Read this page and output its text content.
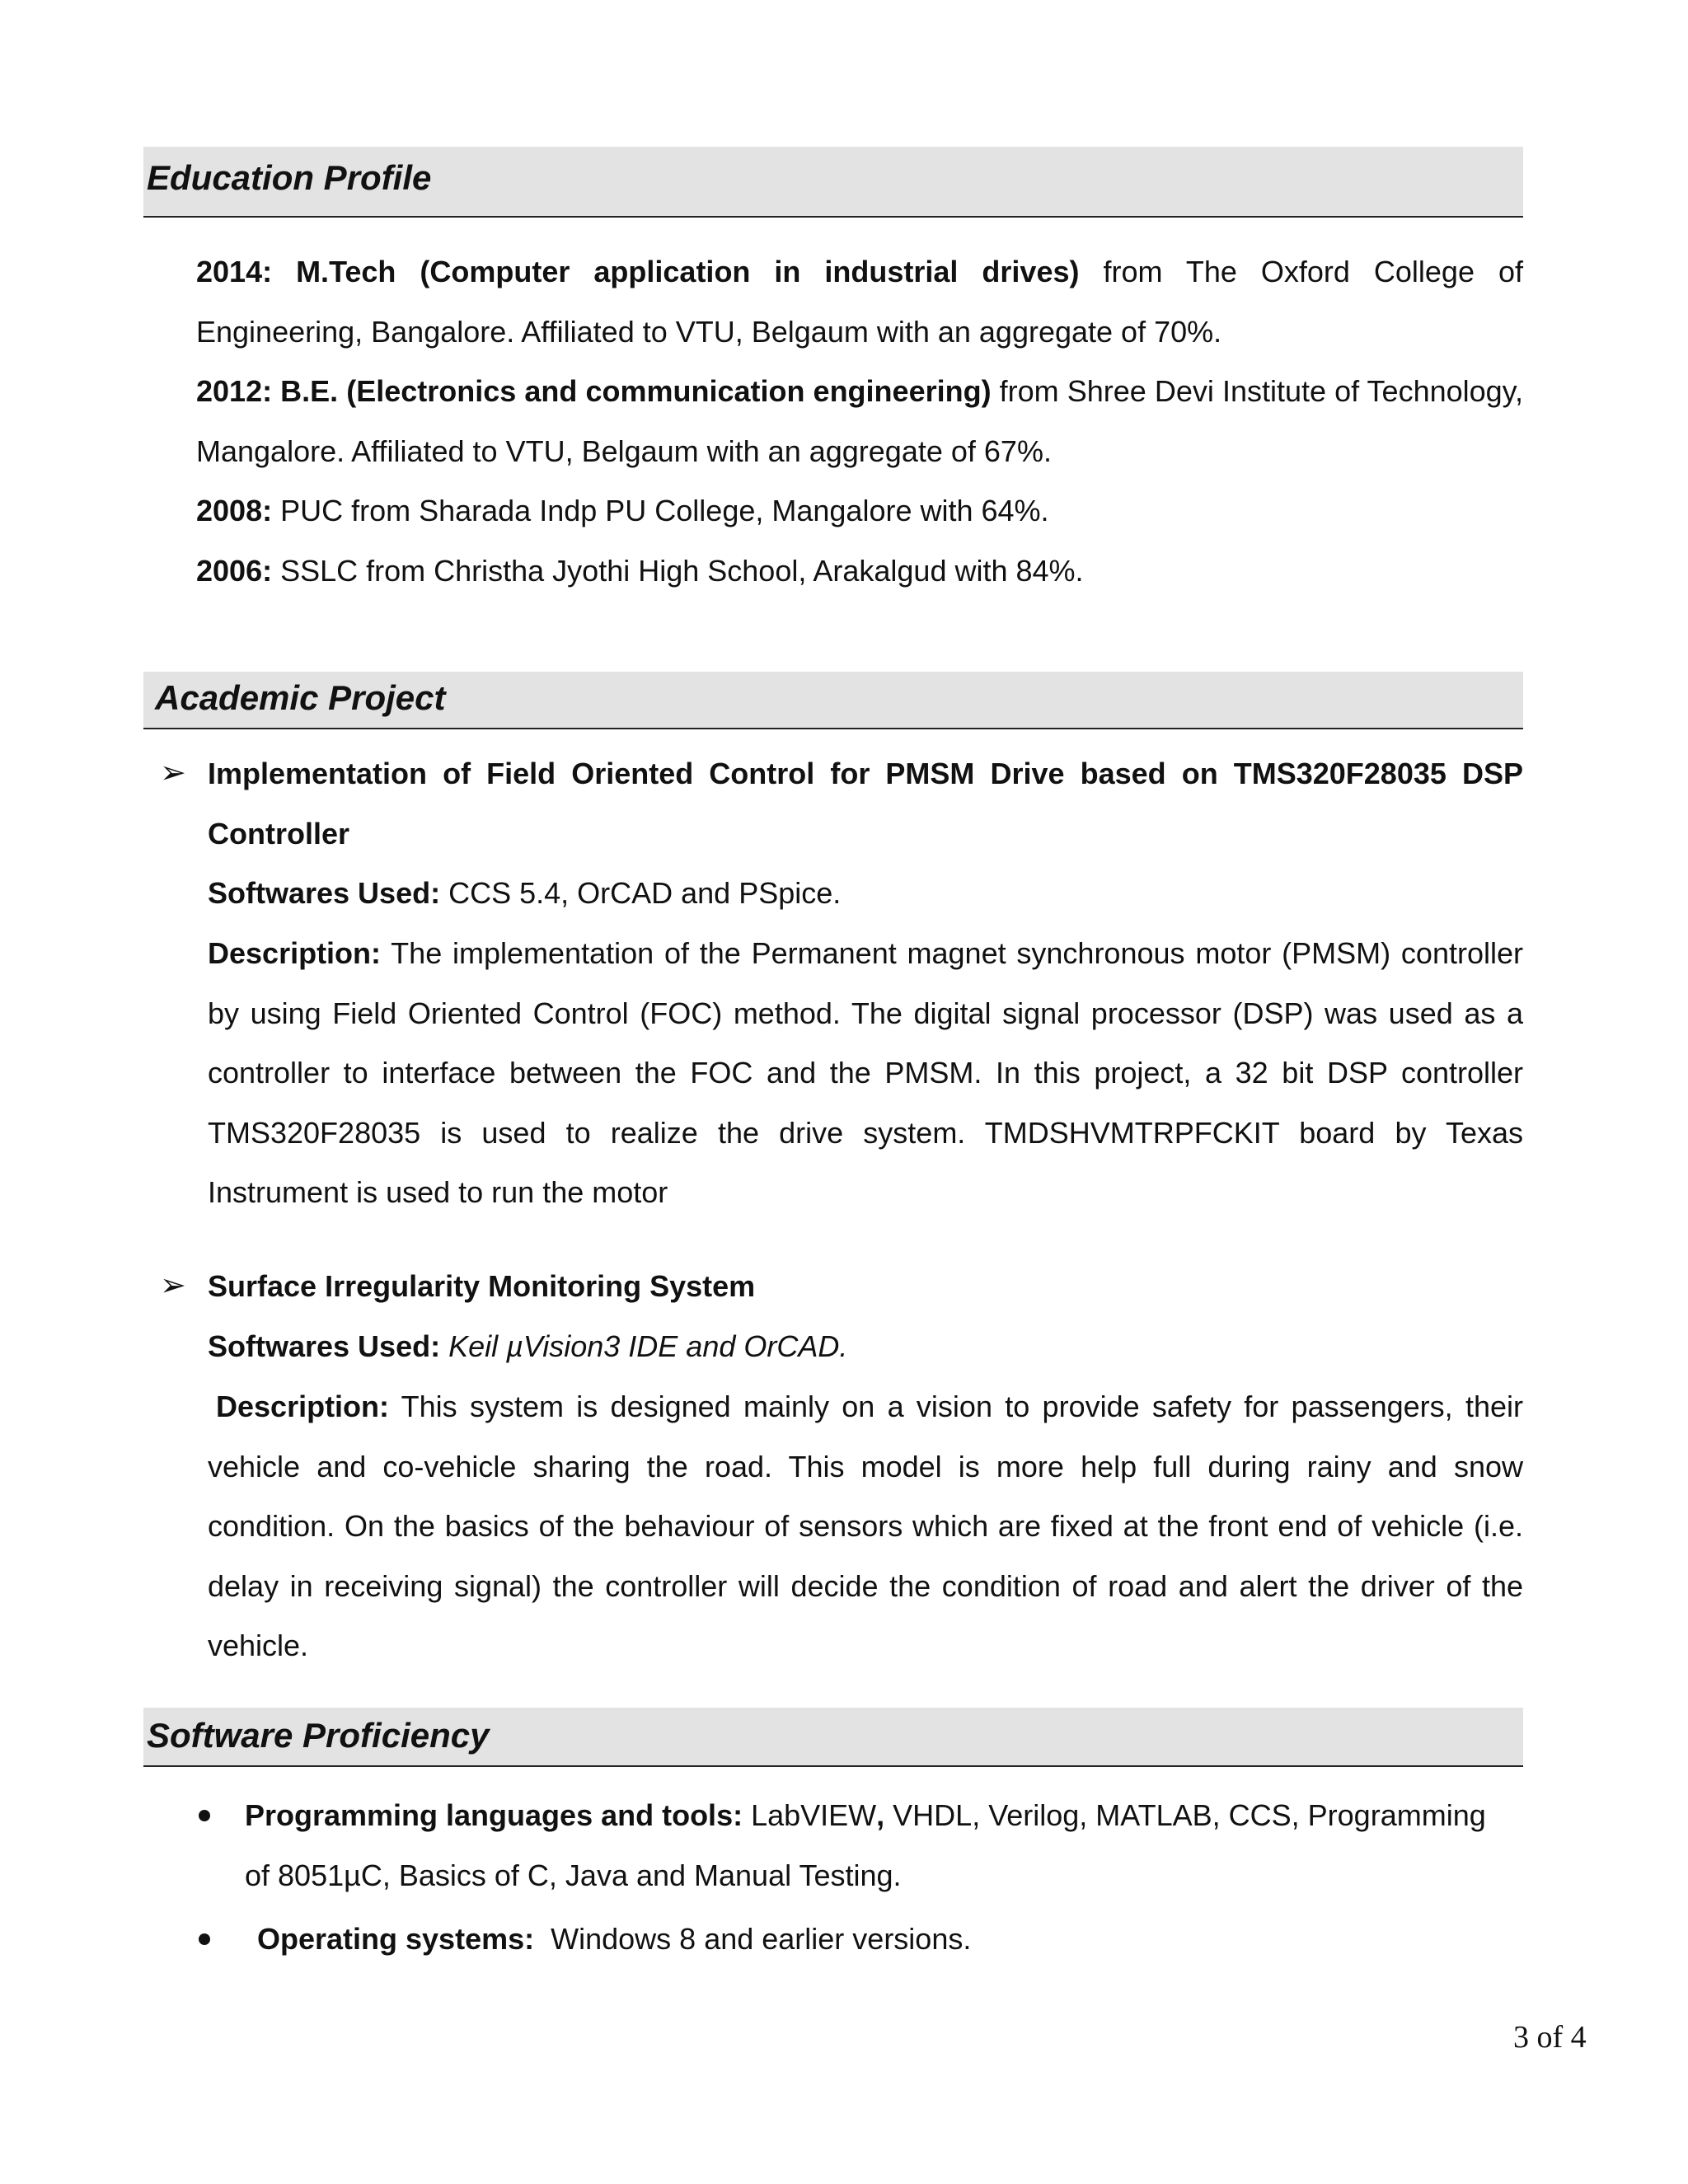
Education Profile
2014: M.Tech (Computer application in industrial drives) from The Oxford College of Engineering, Bangalore. Affiliated to VTU, Belgaum with an aggregate of 70%.
2012: B.E. (Electronics and communication engineering) from Shree Devi Institute of Technology, Mangalore. Affiliated to VTU, Belgaum with an aggregate of 67%.
2008: PUC from Sharada Indp PU College, Mangalore with 64%.
2006: SSLC from Christha Jyothi High School, Arakalgud with 84%.
Academic Project
➢ Implementation of Field Oriented Control for PMSM Drive based on TMS320F28035 DSP Controller
Softwares Used: CCS 5.4, OrCAD and PSpice.
Description: The implementation of the Permanent magnet synchronous motor (PMSM) controller by using Field Oriented Control (FOC) method. The digital signal processor (DSP) was used as a controller to interface between the FOC and the PMSM. In this project, a 32 bit DSP controller TMS320F28035 is used to realize the drive system. TMDSHVMTRPFCKIT board by Texas Instrument is used to run the motor
➢ Surface Irregularity Monitoring System
Softwares Used: Keil µVision3 IDE and OrCAD.
Description: This system is designed mainly on a vision to provide safety for passengers, their vehicle and co-vehicle sharing the road. This model is more help full during rainy and snow condition. On the basics of the behaviour of sensors which are fixed at the front end of vehicle (i.e. delay in receiving signal) the controller will decide the condition of road and alert the driver of the vehicle.
Software Proficiency
Programming languages and tools: LabVIEW, VHDL, Verilog, MATLAB, CCS, Programming of 8051µC, Basics of C, Java and Manual Testing.
Operating systems:  Windows 8 and earlier versions.
3 of 4
